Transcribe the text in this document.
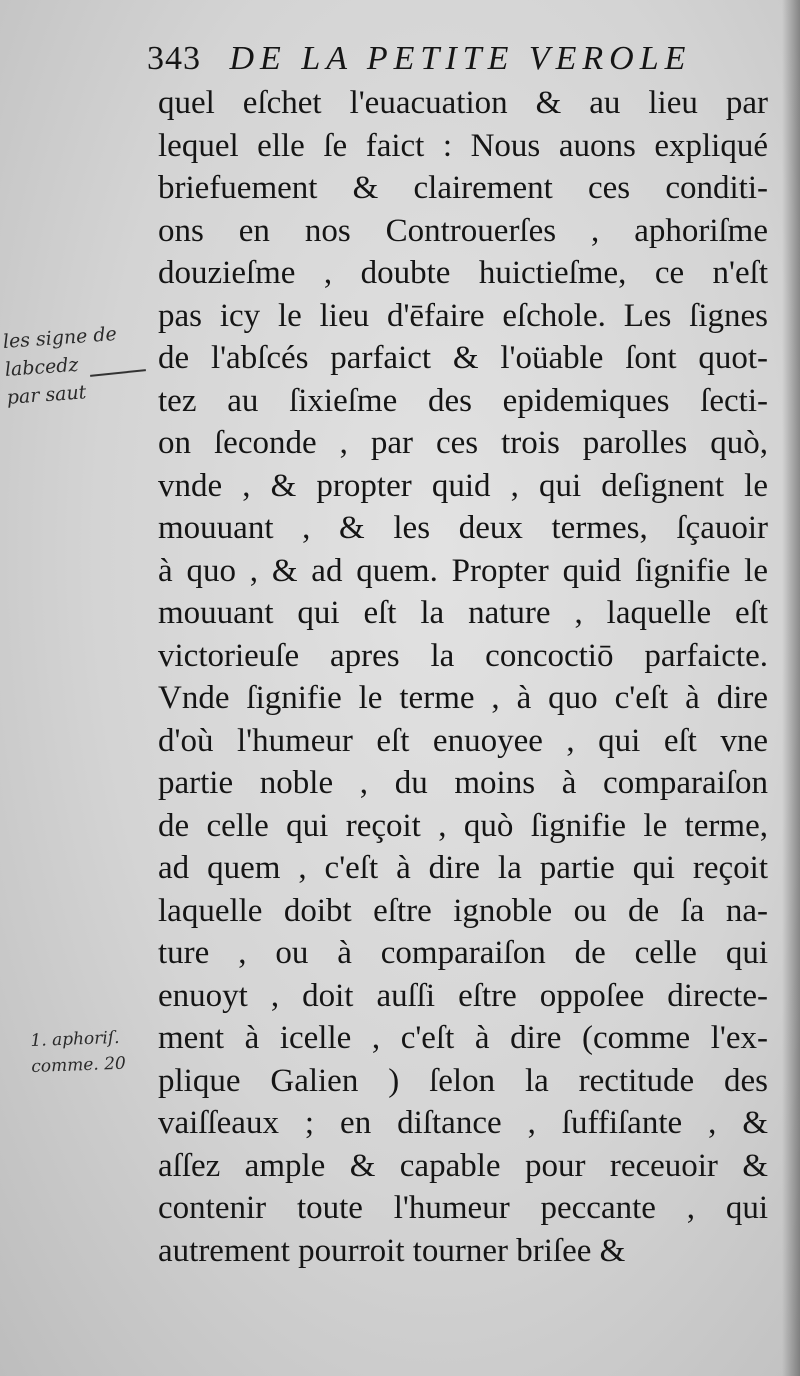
343 DE LA PETITE VEROLE
quel eſchet l'euacuation & au lieu par
lequel elle ſe faict : Nous auons expliqué
briefuement & clairement ces conditi-
ons en nos Controuerſes , aphoriſme
douzieſme , doubte huictieſme, ce n'eſt
pas icy le lieu d'ēfaire eſchole. Les ſignes
de l'abſcés parfaict & l'oüable ſont quot-
tez au ſixieſme des epidemiques ſecti-
on ſeconde , par ces trois parolles quò,
vnde , & propter quid , qui deſignent le
mouuant , & les deux termes, ſçauoir
à quo , & ad quem. Propter quid ſignifie le
mouuant qui eſt la nature , laquelle eſt
victorieuſe apres la concoctiō parfaicte.
Vnde ſignifie le terme , à quo c'eſt à dire
d'où l'humeur eſt enuoyee , qui eſt vne
partie noble , du moins à comparaiſon
de celle qui reçoit , quò ſignifie le terme,
ad quem , c'eſt à dire la partie qui reçoit
laquelle doibt eſtre ignoble ou de ſa na-
ture , ou à comparaiſon de celle qui
enuoyt , doit auſſi eſtre oppoſee directe-
ment à icelle , c'eſt à dire (comme l'ex-
plique Galien ) ſelon la rectitude des
vaiſſeaux ; en diſtance , ſuffiſante , &
aſſez ample & capable pour receuoir &
contenir toute l'humeur peccante , qui
autrement pourroit tourner briſee &
les signe de
labcedz
par saut
1. aphoriſ.
comme. 20
